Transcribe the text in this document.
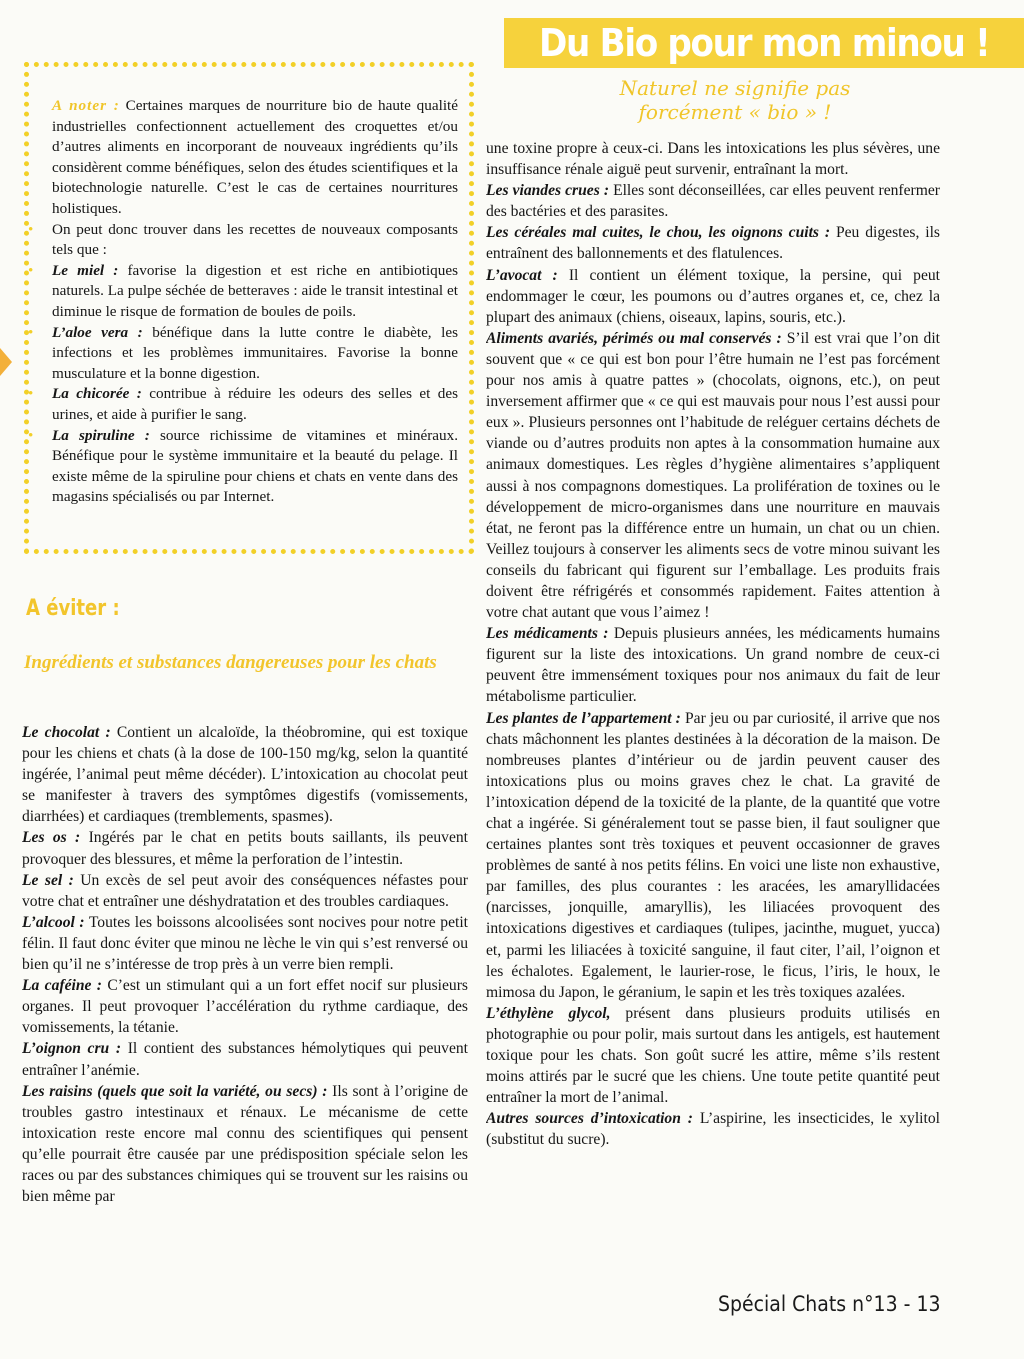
Du Bio pour mon minou !
Naturel ne signifie pas forcément « bio » !

A noter : Certaines marques de nourriture bio de haute qualité industrielles confectionnent actuellement des croquettes et/ou d’autres aliments en incorporant de nouveaux ingrédients qu’ils considèrent comme bénéfiques, selon des études scientifiques et la biotechnologie naturelle. C’est le cas de certaines nourritures holistiques.

• On peut donc trouver dans les recettes de nouveaux composants tels que :

• Le miel : favorise la digestion et est riche en antibiotiques naturels. La pulpe séchée de betteraves : aide le transit intestinal et diminue le risque de formation de boules de poils.

• L’aloe vera : bénéfique dans la lutte contre le diabète, les infections et les problèmes immunitaires. Favorise la bonne musculature et la bonne digestion.

• La chicorée : contribue à réduire les odeurs des selles et des urines, et aide à purifier le sang.

• La spiruline : source richissime de vitamines et minéraux. Bénéfique pour le système immunitaire et la beauté du pelage. Il existe même de la spiruline pour chiens et chats en vente dans des magasins spécialisés ou par Internet.

A éviter :
Ingrédients et substances dangereuses pour les chats

Le chocolat : Contient un alcaloïde, la théobromine, qui est toxique pour les chiens et chats (à la dose de 100-150 mg/kg, selon la quantité ingérée, l’animal peut même décéder). L’intoxication au chocolat peut se manifester à travers des symptômes digestifs (vomissements, diarrhées) et cardiaques (tremblements, spasmes).

Les os : Ingérés par le chat en petits bouts saillants, ils peuvent provoquer des blessures, et même la perforation de l’intestin.

Le sel : Un excès de sel peut avoir des conséquences néfastes pour votre chat et entraîner une déshydratation et des troubles cardiaques.

L’alcool : Toutes les boissons alcoolisées sont nocives pour notre petit félin. Il faut donc éviter que minou ne lèche le vin qui s’est renversé ou bien qu’il ne s’intéresse de trop près à un verre bien rempli.

La caféine : C’est un stimulant qui a un fort effet nocif sur plusieurs organes. Il peut provoquer l’accélération du rythme cardiaque, des vomissements, la tétanie.

L’oignon cru : Il contient des substances hémolytiques qui peuvent entraîner l’anémie.

Les raisins (quels que soit la variété, ou secs) : Ils sont à l’origine de troubles gastro intestinaux et rénaux. Le mécanisme de cette intoxication reste encore mal connu des scientifiques qui pensent qu’elle pourrait être causée par une prédisposition spéciale selon les races ou par des substances chimiques qui se trouvent sur les raisins ou bien même par

une toxine propre à ceux-ci. Dans les intoxications les plus sévères, une insuffisance rénale aiguë peut survenir, entraînant la mort.

Les viandes crues : Elles sont déconseillées, car elles peuvent renfermer des bactéries et des parasites.

Les céréales mal cuites, le chou, les oignons cuits : Peu digestes, ils entraînent des ballonnements et des flatulences.

L’avocat : Il contient un élément toxique, la persine, qui peut endommager le cœur, les poumons ou d’autres organes et, ce, chez la plupart des animaux (chiens, oiseaux, lapins, souris, etc.).

Aliments avariés, périmés ou mal conservés : S’il est vrai que l’on dit souvent que « ce qui est bon pour l’être humain ne l’est pas forcément pour nos amis à quatre pattes » (chocolats, oignons, etc.), on peut inversement affirmer que « ce qui est mauvais pour nous l’est aussi pour eux ». Plusieurs personnes ont l’habitude de reléguer certains déchets de viande ou d’autres produits non aptes à la consommation humaine aux animaux domestiques. Les règles d’hygiène alimentaires s’appliquent aussi à nos compagnons domestiques. La prolifération de toxines ou le développement de micro-organismes dans une nourriture en mauvais état, ne feront pas la différence entre un humain, un chat ou un chien. Veillez toujours à conserver les aliments secs de votre minou suivant les conseils du fabricant qui figurent sur l’emballage. Les produits frais doivent être réfrigérés et consommés rapidement. Faites attention à votre chat autant que vous l’aimez !

Les médicaments : Depuis plusieurs années, les médicaments humains figurent sur la liste des intoxications. Un grand nombre de ceux-ci peuvent être immensément toxiques pour nos animaux du fait de leur métabolisme particulier.

Les plantes de l’appartement : Par jeu ou par curiosité, il arrive que nos chats mâchonnent les plantes destinées à la décoration de la maison. De nombreuses plantes d’intérieur ou de jardin peuvent causer des intoxications plus ou moins graves chez le chat. La gravité de l’intoxication dépend de la toxicité de la plante, de la quantité que votre chat a ingérée. Si généralement tout se passe bien, il faut souligner que certaines plantes sont très toxiques et peuvent occasionner de graves problèmes de santé à nos petits félins. En voici une liste non exhaustive, par familles, des plus courantes : les aracées, les amaryllidacées (narcisses, jonquille, amaryllis), les liliacées provoquent des intoxications digestives et cardiaques (tulipes, jacinthe, muguet, yucca) et, parmi les liliacées à toxicité sanguine, il faut citer, l’ail, l’oignon et les échalotes. Egalement, le laurier-rose, le ficus, l’iris, le houx, le mimosa du Japon, le géranium, le sapin et les très toxiques azalées.

L’éthylène glycol, présent dans plusieurs produits utilisés en photographie ou pour polir, mais surtout dans les antigels, est hautement toxique pour les chats. Son goût sucré les attire, même s’ils restent moins attirés par le sucré que les chiens. Une toute petite quantité peut entraîner la mort de l’animal.

Autres sources d’intoxication : L’aspirine, les insecticides, le xylitol (substitut du sucre).

Spécial Chats n°13 - 13
